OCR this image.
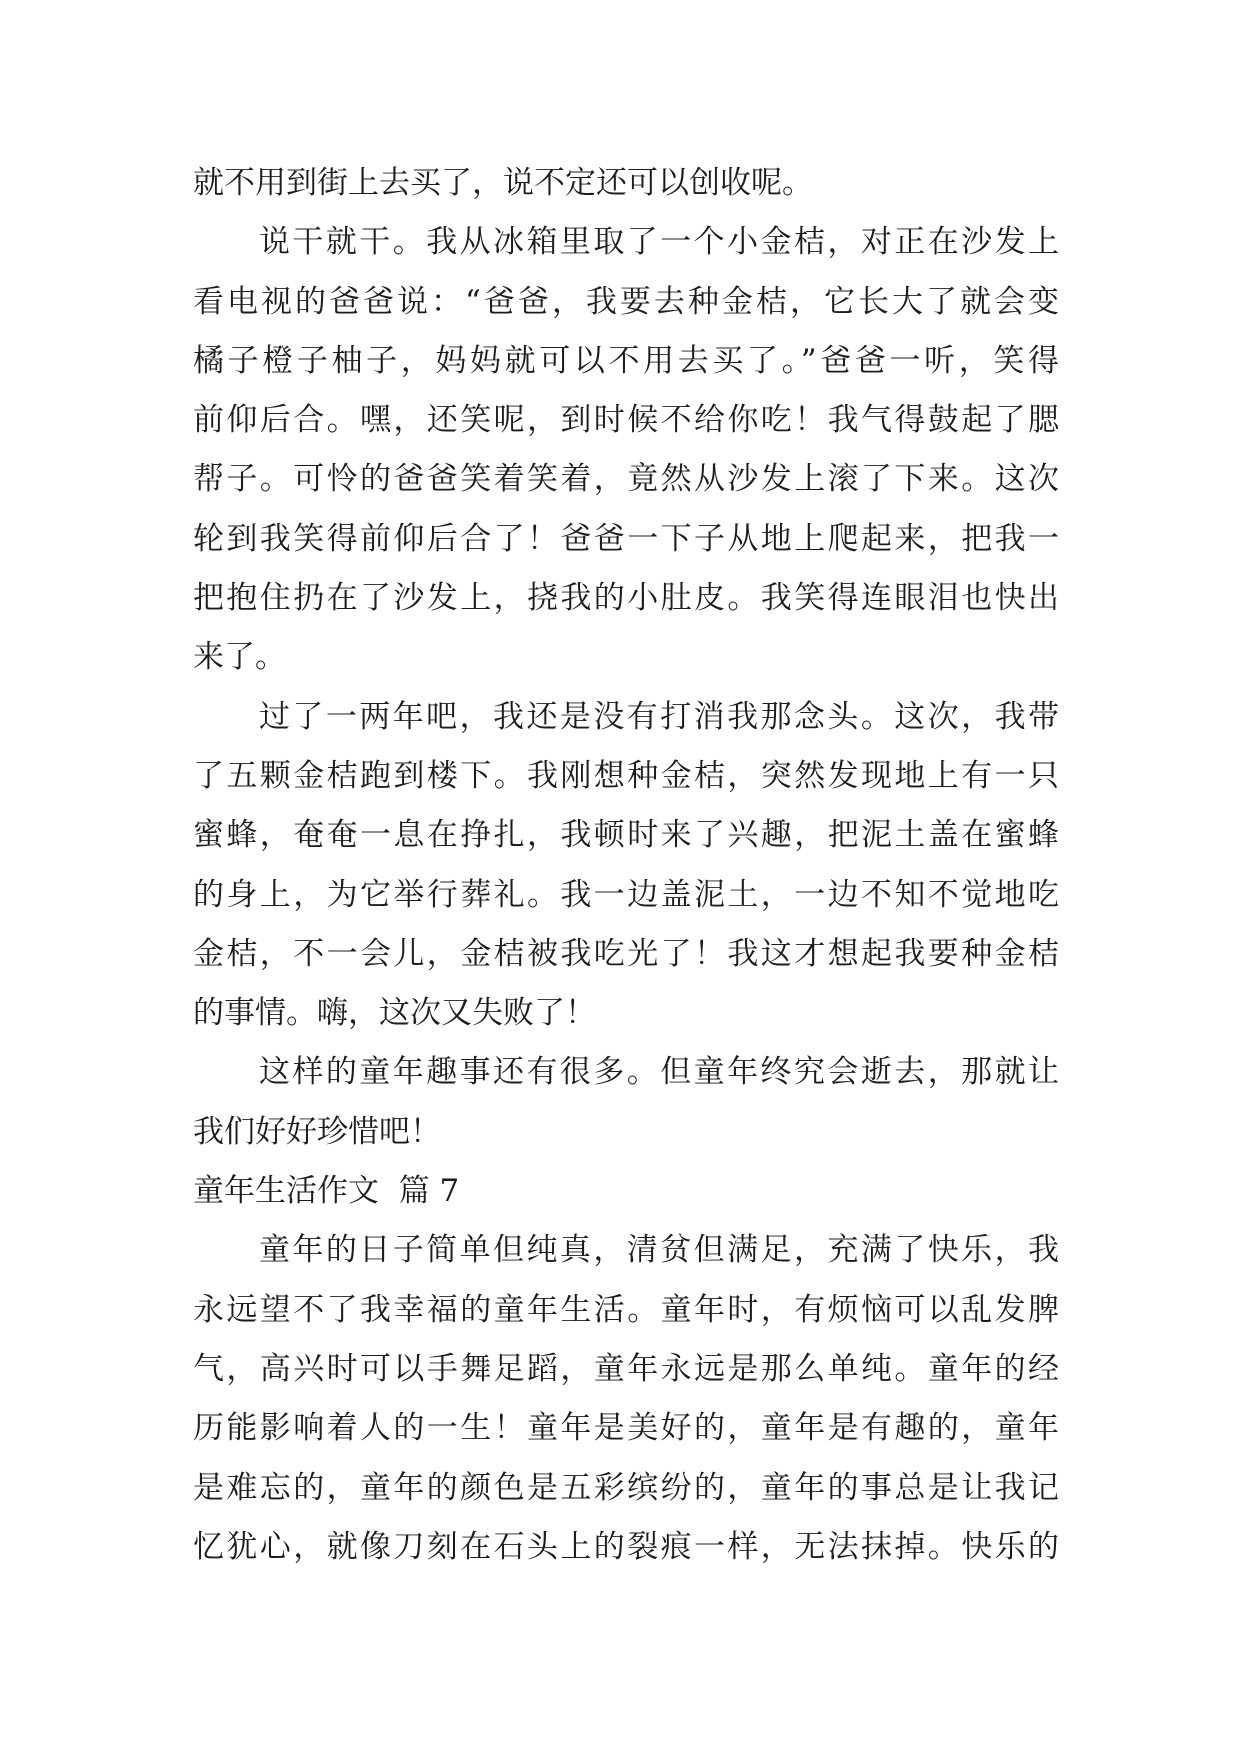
就不用到街上去买了，说不定还可以创收呢。
说干就干。我从冰箱里取了一个小金桔，对正在沙发上
看电视的爸爸说：“爸爸，我要去种金桔，它长大了就会变
橘子橙子柚子，妈妈就可以不用去买了。”爸爸一听，笑得
前仰后合。嘿，还笑呢，到时候不给你吃！我气得鼓起了腮
帮子。可怜的爸爸笑着笑着，竟然从沙发上滚了下来。这次
轮到我笑得前仰后合了！爸爸一下子从地上爬起来，把我一
把抱住扔在了沙发上，挠我的小肚皮。我笑得连眼泪也快出
来了。
过了一两年吧，我还是没有打消我那念头。这次，我带
了五颗金桔跑到楼下。我刚想种金桔，突然发现地上有一只
蜜蜂，奄奄一息在挣扎，我顿时来了兴趣，把泥土盖在蜜蜂
的身上，为它举行葬礼。我一边盖泥土，一边不知不觉地吃
金桔，不一会儿，金桔被我吃光了！我这才想起我要种金桔
的事情。嗨，这次又失败了！
这样的童年趣事还有很多。但童年终究会逝去，那就让
我们好好珍惜吧！
童年生活作文  篇 7
童年的日子简单但纯真，清贫但满足，充满了快乐，我
永远望不了我幸福的童年生活。童年时，有烦恼可以乱发脾
气，高兴时可以手舞足蹈，童年永远是那么单纯。童年的经
历能影响着人的一生！童年是美好的，童年是有趣的，童年
是难忘的，童年的颜色是五彩缤纷的，童年的事总是让我记
忆犹心，就像刀刻在石头上的裂痕一样，无法抹掉。快乐的
